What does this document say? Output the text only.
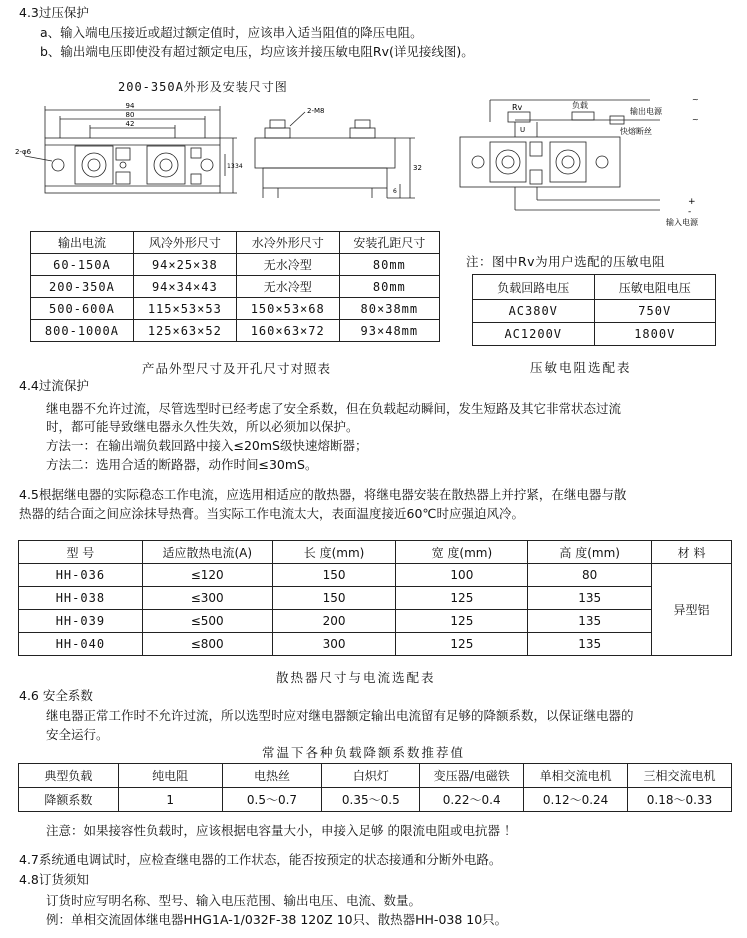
4.3过压保护
a、输入端电压接近或超过额定值时，应该串入适当阻值的降压电阻。
b、输出端电压即使没有超过额定电压，均应该并接压敏电阻Rv(详见接线图)。
200-350A外形及安装尺寸图
94
80
42
2-φ6
13 34
2-M8
32
6
Rv	负载
U
输出电源
~
~
快熔断丝
+
-
输入电源
输出电流	风冷外形尺寸	水冷外形尺寸	安装孔距尺寸
60-150A	94×25×38	无水冷型	80mm
200-350A	94×34×43	无水冷型	80mm
500-600A	115×53×53	150×53×68	80×38mm
800-1000A	125×63×52	160×63×72	93×48mm
产品外型尺寸及开孔尺寸对照表
注：图中Rv为用户选配的压敏电阻
负载回路电压	压敏电阻电压
AC380V	750V
AC1200V	1800V
压敏电阻选配表
4.4过流保护
继电器不允许过流，尽管选型时已经考虑了安全系数，但在负载起动瞬间，发生短路及其它非常状态过流
时，都可能导致继电器永久性失效，所以必须加以保护。
方法一：在输出端负载回路中接入≤20mS级快速熔断器；
方法二：选用合适的断路器，动作时间≤30mS。
4.5根据继电器的实际稳态工作电流，应选用相适应的散热器，将继电器安装在散热器上并拧紧，在继电器与散
热器的结合面之间应涂抹导热膏。当实际工作电流太大，表面温度接近60℃时应强迫风冷。
型 号	适应散热电流(A)	长 度(mm)	宽 度(mm)	高 度(mm)	材 料
HH-036	≤120	150	100	80	异型铝
HH-038	≤300	150	125	135	
HH-039	≤500	200	125	135	
HH-040	≤800	300	125	135	
散热器尺寸与电流选配表
4.6 安全系数
继电器正常工作时不允许过流，所以选型时应对继电器额定输出电流留有足够的降额系数，以保证继电器的
安全运行。
常温下各种负载降额系数推荐值
典型负载	纯电阻	电热丝	白炽灯	变压器/电磁铁	单相交流电机	三相交流电机
降额系数	1	0.5～0.7	0.35～0.5	0.22～0.4	0.12～0.24	0.18～0.33
注意：如果接容性负载时，应该根据电容量大小，申接入足够 的限流电阻或电抗器 ！
4.7系统通电调试时，应检查继电器的工作状态，能否按预定的状态接通和分断外电路。
4.8订货须知
订货时应写明名称、型号、输入电压范围、输出电压、电流、数量。
例：单相交流固体继电器HHG1A-1/032F-38 120Z 10只、散热器HH-038 10只。
